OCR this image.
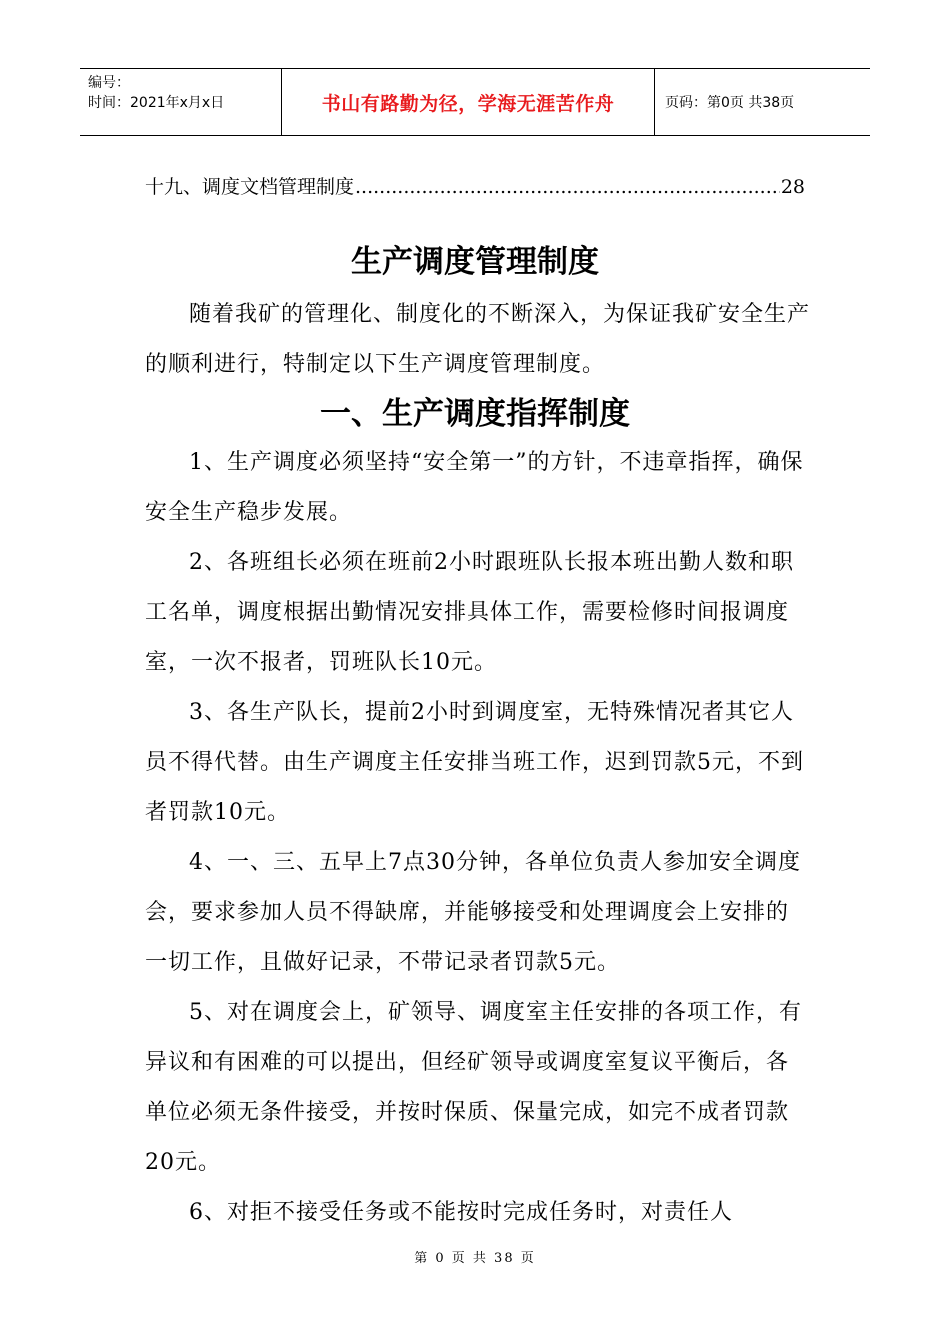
编号：
时间：2021年x月x日	书山有路勤为径，学海无涯苦作舟	页码：第0页 共38页
十九、调度文档管理制度
.....	28
生产调度管理制度

随着我矿的管理化、制度化的不断深入，为保证我矿安全生产的顺利进行，特制定以下生产调度管理制度。

一、生产调度指挥制度

1、生产调度必须坚持“安全第一”的方针，不违章指挥，确保安全生产稳步发展。

2、各班组长必须在班前2小时跟班队长报本班出勤人数和职工名单，调度根据出勤情况安排具体工作，需要检修时间报调度室，一次不报者，罚班队长10元。

3、各生产队长，提前2小时到调度室，无特殊情况者其它人员不得代替。由生产调度主任安排当班工作，迟到罚款5元，不到者罚款10元。

4、一、三、五早上7点30分钟，各单位负责人参加安全调度会，要求参加人员不得缺席，并能够接受和处理调度会上安排的一切工作，且做好记录，不带记录者罚款5元。

5、对在调度会上，矿领导、调度室主任安排的各项工作，有异议和有困难的可以提出，但经矿领导或调度室复议平衡后，各单位必须无条件接受，并按时保质、保量完成，如完不成者罚款20元。

6、对拒不接受任务或不能按时完成任务时，对责任人

第 0 页 共 38 页
